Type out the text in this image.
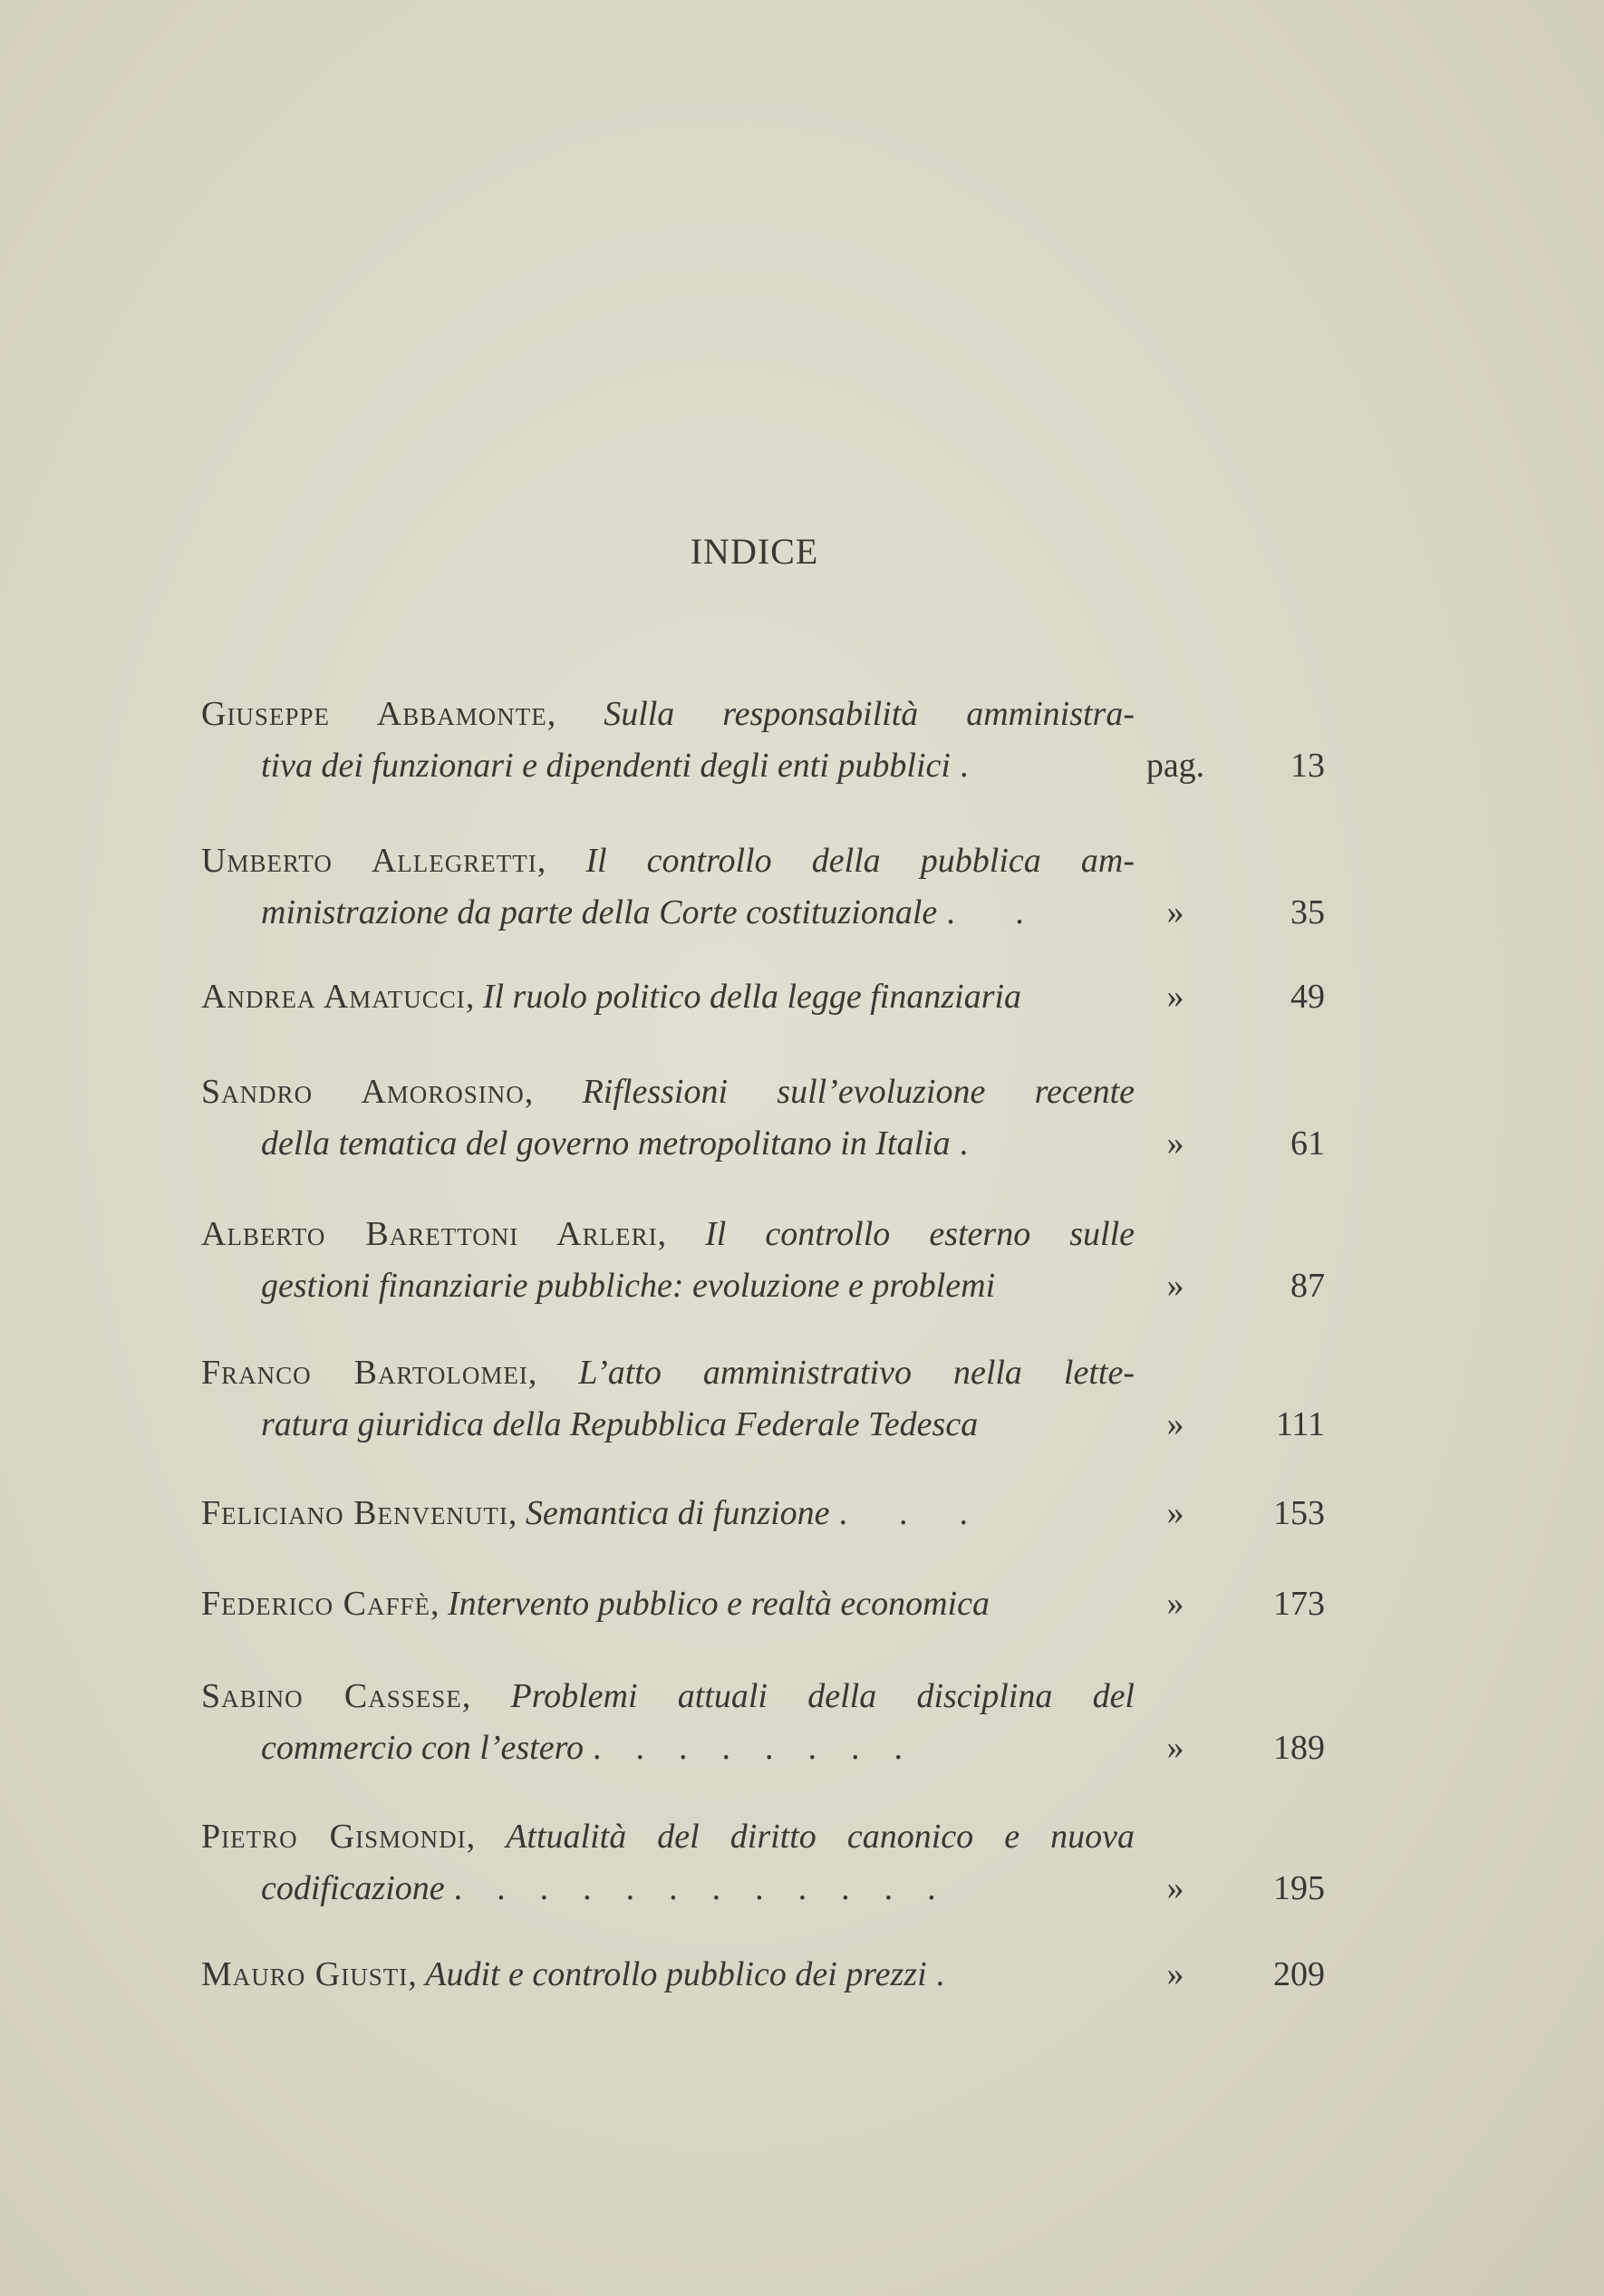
INDICE
Giuseppe Abbamonte, Sulla responsabilità amministra-
tiva dei funzionari e dipendenti degli enti pubblici .	pag.	13
Umberto Allegretti, Il controllo della pubblica am-
ministrazione da parte della Corte costituzionale .       .	»	35
Andrea Amatucci, Il ruolo politico della legge finanziaria	»	49
Sandro Amorosino, Riflessioni sull’evoluzione recente
della tematica del governo metropolitano in Italia .	»	61
Alberto Barettoni Arleri, Il controllo esterno sulle
gestioni finanziarie pubbliche: evoluzione e problemi	»	87
Franco Bartolomei, L’atto amministrativo nella lette-
ratura giuridica della Repubblica Federale Tedesca	»	111
Feliciano Benvenuti, Semantica di funzione .      .      .	»	153
Federico Caffè, Intervento pubblico e realtà economica	»	173
Sabino Cassese, Problemi attuali della disciplina del
commercio con l’estero .    .    .    .    .    .    .    .	»	189
Pietro Gismondi, Attualità del diritto canonico e nuova
codificazione .    .    .    .    .    .    .    .    .    .    .    .	»	195
Mauro Giusti, Audit e controllo pubblico dei prezzi .	»	209
